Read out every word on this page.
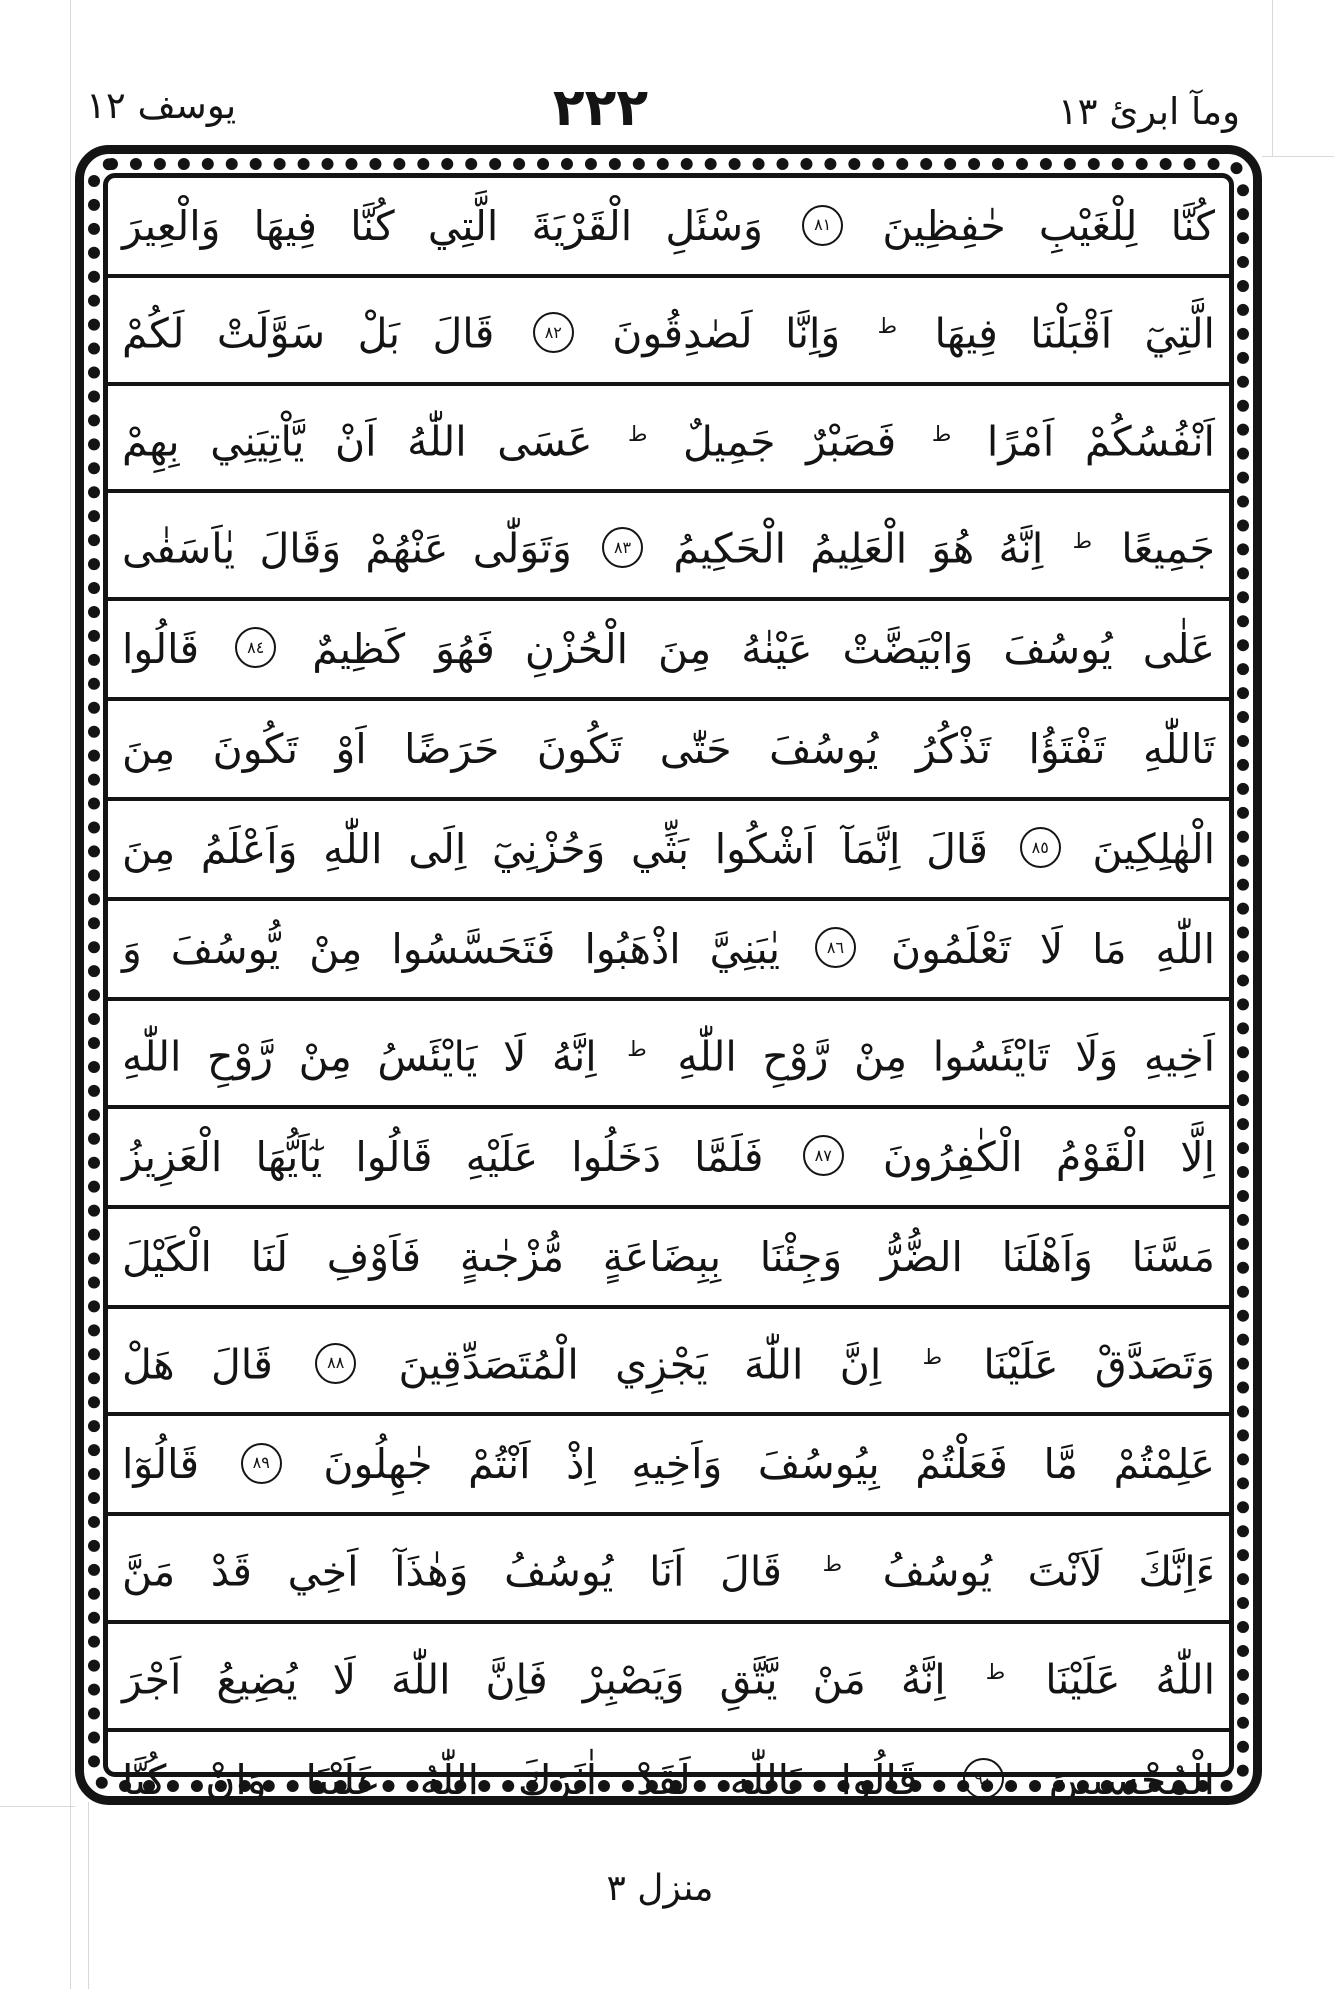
يوسف ١٢	٢٢٢	ومآ ابرئ ١٣
كُنَّا لِلْغَيْبِ حٰفِظِينَ ٨١ وَسْئَلِ الْقَرْيَةَ الَّتِي كُنَّا فِيهَا وَالْعِيرَ
الَّتِيٓ اَقْبَلْنَا فِيهَا $^ط$ وَاِنَّا لَصٰدِقُونَ ٨٢ قَالَ بَلْ سَوَّلَتْ لَكُمْ
اَنْفُسُكُمْ اَمْرًا $^ط$ فَصَبْرٌ جَمِيلٌ $^ط$ عَسَى اللّٰهُ اَنْ يَّاْتِيَنِي بِهِمْ
جَمِيعًا $^ط$ اِنَّهُ هُوَ الْعَلِيمُ الْحَكِيمُ ٨٣ وَتَوَلّٰى عَنْهُمْ وَقَالَ يٰاَسَفٰى
عَلٰى يُوسُفَ وَابْيَضَّتْ عَيْنٰهُ مِنَ الْحُزْنِ فَهُوَ كَظِيمٌ ٨٤ قَالُوا
تَاللّٰهِ تَفْتَؤُا تَذْكُرُ يُوسُفَ حَتّٰى تَكُونَ حَرَضًا اَوْ تَكُونَ مِنَ
الْهٰلِكِينَ ٨٥ قَالَ اِنَّمَآ اَشْكُوا بَثِّي وَحُزْنِيٓ اِلَى اللّٰهِ وَاَعْلَمُ مِنَ
اللّٰهِ مَا لَا تَعْلَمُونَ ٨٦ يٰبَنِيَّ اذْهَبُوا فَتَحَسَّسُوا مِنْ يُّوسُفَ وَ
اَخِيهِ وَلَا تَايْئَسُوا مِنْ رَّوْحِ اللّٰهِ $^ط$ اِنَّهُ لَا يَايْئَسُ مِنْ رَّوْحِ اللّٰهِ
اِلَّا الْقَوْمُ الْكٰفِرُونَ ٨٧ فَلَمَّا دَخَلُوا عَلَيْهِ قَالُوا يٰٓاَيُّهَا الْعَزِيزُ
مَسَّنَا وَاَهْلَنَا الضُّرُّ وَجِئْنَا بِبِضَاعَةٍ مُّزْجٰىةٍ فَاَوْفِ لَنَا الْكَيْلَ
وَتَصَدَّقْ عَلَيْنَا $^ط$ اِنَّ اللّٰهَ يَجْزِي الْمُتَصَدِّقِينَ ٨٨ قَالَ هَلْ
عَلِمْتُمْ مَّا فَعَلْتُمْ بِيُوسُفَ وَاَخِيهِ اِذْ اَنْتُمْ جٰهِلُونَ ٨٩ قَالُوٓا
ءَاِنَّكَ لَاَنْتَ يُوسُفُ $^ط$ قَالَ اَنَا يُوسُفُ وَهٰذَآ اَخِي قَدْ مَنَّ
اللّٰهُ عَلَيْنَا $^ط$ اِنَّهُ مَنْ يَّتَّقِ وَيَصْبِرْ فَاِنَّ اللّٰهَ لَا يُضِيعُ اَجْرَ
الْمُحْسِنِينَ ٩٠ قَالُوا تَاللّٰهِ لَقَدْ اٰثَرَكَ اللّٰهُ عَلَيْنَا وَاِنْ كُنَّا
منزل ٣
